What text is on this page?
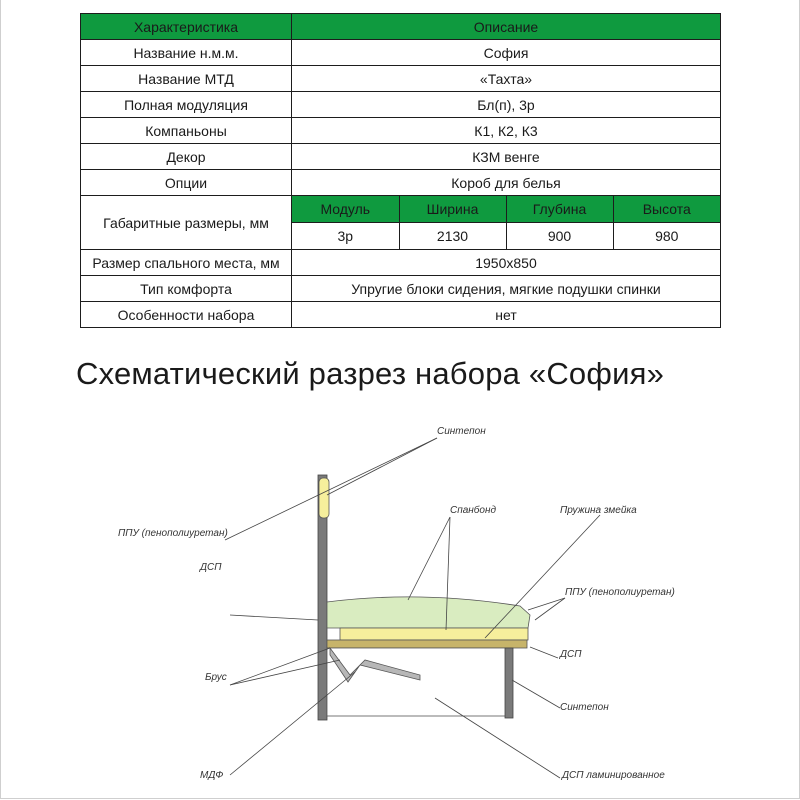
Характеристика	Описание
Название н.м.м.	София
Название МТД	«Тахта»
Полная модуляция	Бл(п), 3р
Компаньоны	К1, К2, К3
Декор	КЗМ венге
Опции	Короб для белья
Габаритные размеры, мм	
Модуль	Ширина	Глубина	Высота
3р	2130	900	980

Размер спального места, мм	1950х850
Тип комфорта	Упругие блоки сидения, мягкие подушки спинки
Особенности набора	нет
Схематический разрез набора «София»
Синтепон
ППУ (пенополиуретан)
ДСП
Спанбонд	Пружина змейка
ППУ (пенополиуретан)
ДСП
Брус
Синтепон
МДФ	ДСП ламинированное
